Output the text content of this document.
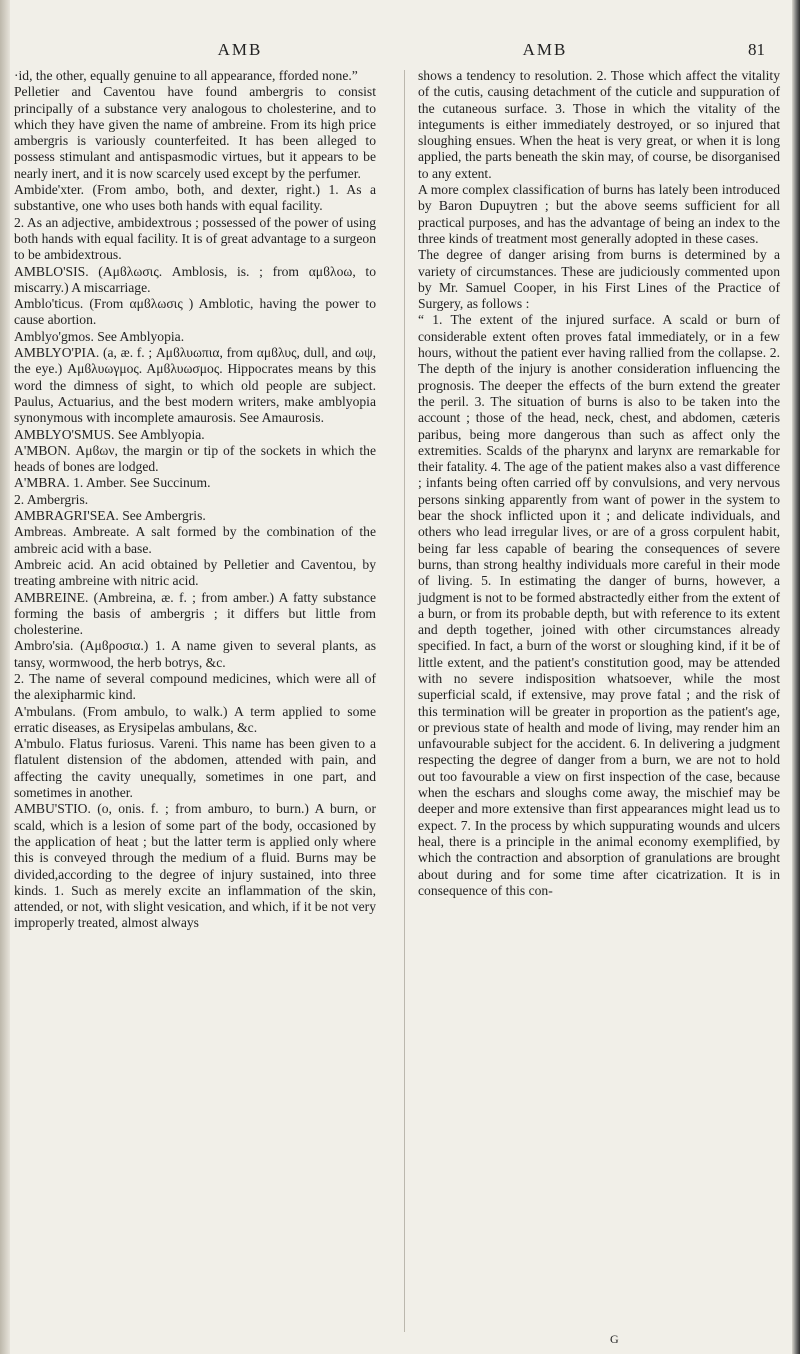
AMB	AMB	81

·id, the other, equally genuine to all appearance, fforded none.”

Pelletier and Caventou have found ambergris to consist principally of a substance very analogous to cholesterine, and to which they have given the name of ambreine. From its high price ambergris is variously counterfeited. It has been alleged to possess stimulant and antispasmodic virtues, but it appears to be nearly inert, and it is now scarcely used except by the perfumer.

Ambide'xter. (From ambo, both, and dexter, right.) 1. As a substantive, one who uses both hands with equal facility.

2. As an adjective, ambidextrous ; possessed of the power of using both hands with equal facility. It is of great advantage to a surgeon to be ambidextrous.

AMBLO'SIS. (Αμϐλωσις. Amblosis, is. ; from αμϐλοω, to miscarry.) A miscarriage.

Amblo'ticus. (From αμϐλωσις ) Amblotic, having the power to cause abortion.

Amblyo'gmos. See Amblyopia.

AMBLYO'PIA. (a, æ. f. ; Αμϐλυωπια, from αμϐλυς, dull, and ωψ, the eye.) Αμϐλυωγμος. Αμϐλυωσμος. Hippocrates means by this word the dimness of sight, to which old people are subject. Paulus, Actuarius, and the best modern writers, make amblyopia synonymous with incomplete amaurosis. See Amaurosis.

AMBLYO'SMUS. See Amblyopia.

A'MBON. Αμϐων, the margin or tip of the sockets in which the heads of bones are lodged.

A'MBRA. 1. Amber. See Succinum.

2. Ambergris.

AMBRAGRI'SEA. See Ambergris.

Ambreas. Ambreate. A salt formed by the combination of the ambreic acid with a base.

Ambreic acid. An acid obtained by Pelletier and Caventou, by treating ambreine with nitric acid.

AMBREINE. (Ambreina, æ. f. ; from amber.) A fatty substance forming the basis of ambergris ; it differs but little from cholesterine.

Ambro'sia. (Αμϐροσια.) 1. A name given to several plants, as tansy, wormwood, the herb botrys, &c.

2. The name of several compound medicines, which were all of the alexipharmic kind.

A'mbulans. (From ambulo, to walk.) A term applied to some erratic diseases, as Erysipelas ambulans, &c.

A'mbulo. Flatus furiosus. Vareni. This name has been given to a flatulent distension of the abdomen, attended with pain, and affecting the cavity unequally, sometimes in one part, and sometimes in another.

AMBU'STIO. (o, onis. f. ; from amburo, to burn.) A burn, or scald, which is a lesion of some part of the body, occasioned by the application of heat ; but the latter term is applied only where this is conveyed through the medium of a fluid. Burns may be divided,according to the degree of injury sustained, into three kinds. 1. Such as merely excite an inflammation of the skin, attended, or not, with slight vesication, and which, if it be not very improperly treated, almost always

shows a tendency to resolution. 2. Those which affect the vitality of the cutis, causing detachment of the cuticle and suppuration of the cutaneous surface. 3. Those in which the vitality of the integuments is either immediately destroyed, or so injured that sloughing ensues. When the heat is very great, or when it is long applied, the parts beneath the skin may, of course, be disorganised to any extent.

A more complex classification of burns has lately been introduced by Baron Dupuytren ; but the above seems sufficient for all practical purposes, and has the advantage of being an index to the three kinds of treatment most generally adopted in these cases.

The degree of danger arising from burns is determined by a variety of circumstances. These are judiciously commented upon by Mr. Samuel Cooper, in his First Lines of the Practice of Surgery, as follows :

“ 1. The extent of the injured surface. A scald or burn of considerable extent often proves fatal immediately, or in a few hours, without the patient ever having rallied from the collapse. 2. The depth of the injury is another consideration influencing the prognosis. The deeper the effects of the burn extend the greater the peril. 3. The situation of burns is also to be taken into the account ; those of the head, neck, chest, and abdomen, cæteris paribus, being more dangerous than such as affect only the extremities. Scalds of the pharynx and larynx are remarkable for their fatality. 4. The age of the patient makes also a vast difference ; infants being often carried off by convulsions, and very nervous persons sinking apparently from want of power in the system to bear the shock inflicted upon it ; and delicate individuals, and others who lead irregular lives, or are of a gross corpulent habit, being far less capable of bearing the consequences of severe burns, than strong healthy individuals more careful in their mode of living. 5. In estimating the danger of burns, however, a judgment is not to be formed abstractedly either from the extent of a burn, or from its probable depth, but with reference to its extent and depth together, joined with other circumstances already specified. In fact, a burn of the worst or sloughing kind, if it be of little extent, and the patient's constitution good, may be attended with no severe indisposition whatsoever, while the most superficial scald, if extensive, may prove fatal ; and the risk of this termination will be greater in proportion as the patient's age, or previous state of health and mode of living, may render him an unfavourable subject for the accident. 6. In delivering a judgment respecting the degree of danger from a burn, we are not to hold out too favourable a view on first inspection of the case, because when the eschars and sloughs come away, the mischief may be deeper and more extensive than first appearances might lead us to expect. 7. In the process by which suppurating wounds and ulcers heal, there is a principle in the animal economy exemplified, by which the contraction and absorption of granulations are brought about during and for some time after cicatrization. It is in consequence of this con-

G
